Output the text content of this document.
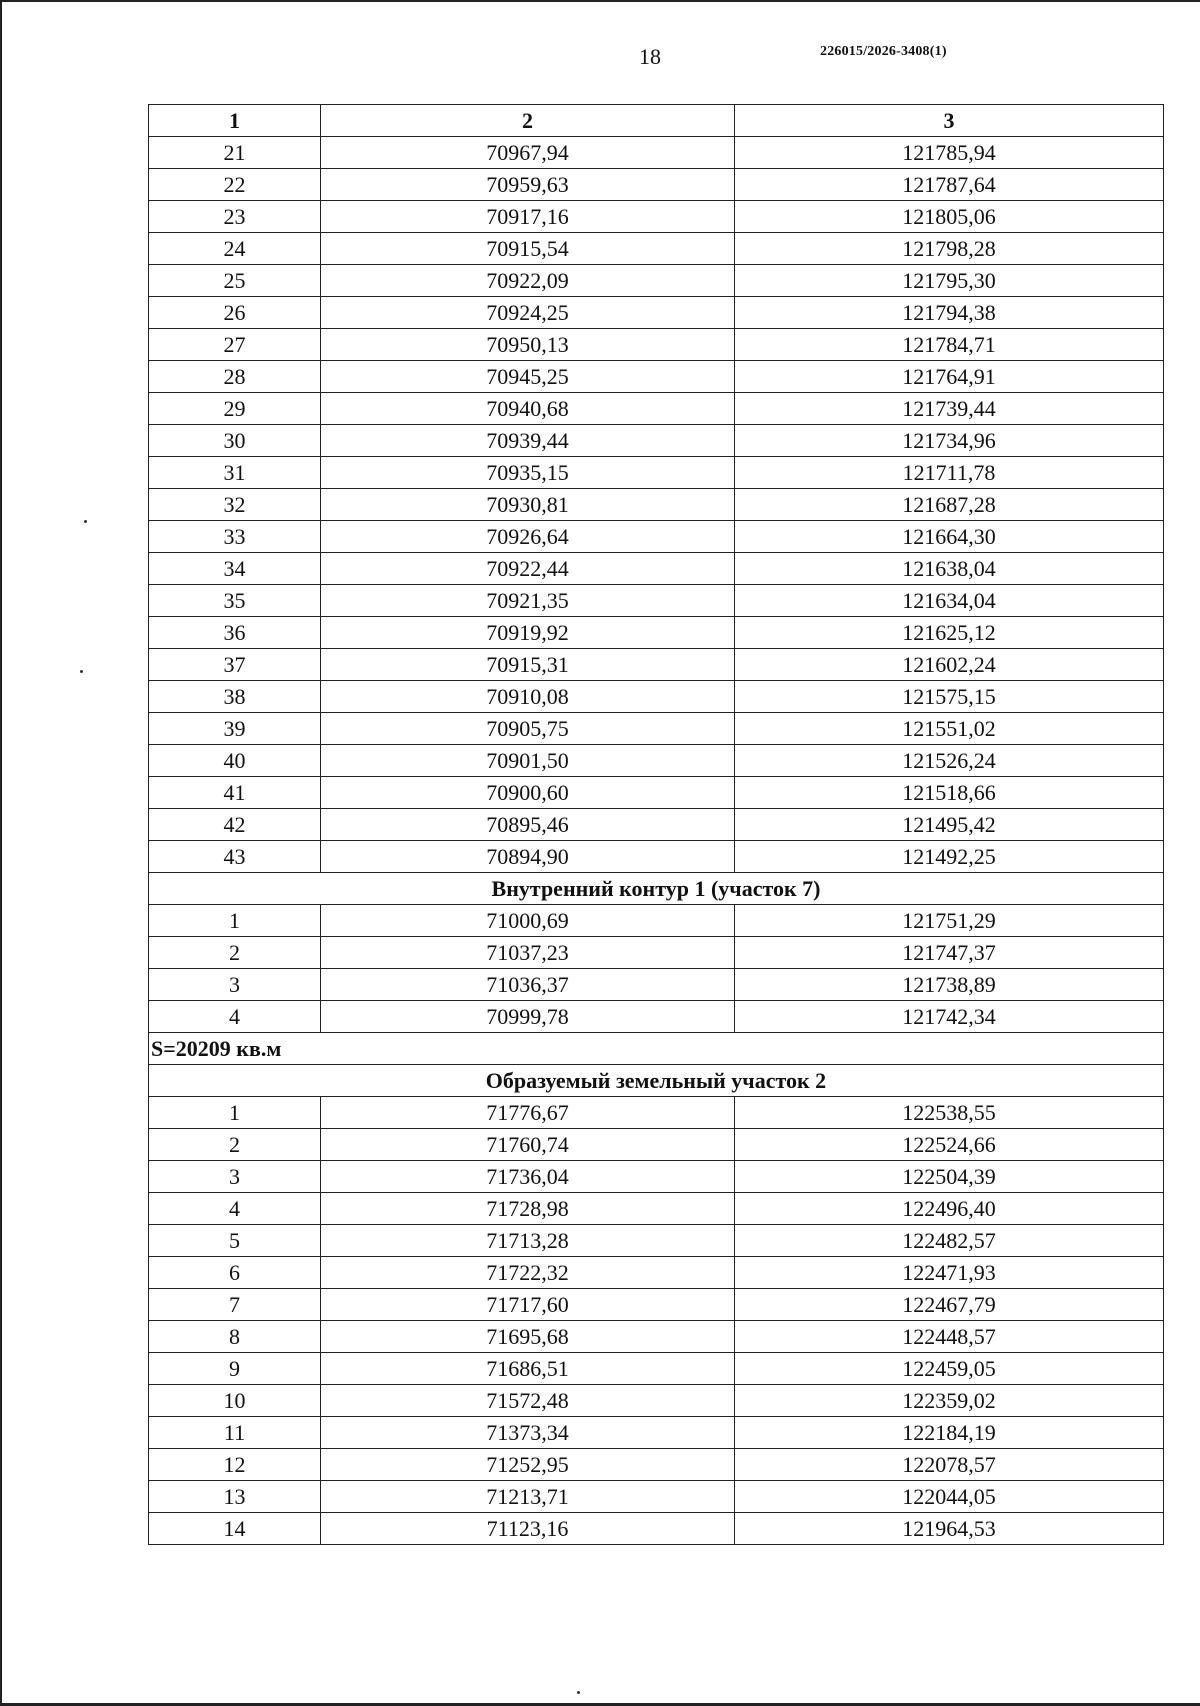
18	226015/2026-3408(1)
1	2	3
21	70967,94	121785,94
22	70959,63	121787,64
23	70917,16	121805,06
24	70915,54	121798,28
25	70922,09	121795,30
26	70924,25	121794,38
27	70950,13	121784,71
28	70945,25	121764,91
29	70940,68	121739,44
30	70939,44	121734,96
31	70935,15	121711,78
32	70930,81	121687,28
33	70926,64	121664,30
34	70922,44	121638,04
35	70921,35	121634,04
36	70919,92	121625,12
37	70915,31	121602,24
38	70910,08	121575,15
39	70905,75	121551,02
40	70901,50	121526,24
41	70900,60	121518,66
42	70895,46	121495,42
43	70894,90	121492,25
Внутренний контур 1 (участок 7)		
1	71000,69	121751,29
2	71037,23	121747,37
3	71036,37	121738,89
4	70999,78	121742,34
S=20209 кв.м		
Образуемый земельный участок 2		
1	71776,67	122538,55
2	71760,74	122524,66
3	71736,04	122504,39
4	71728,98	122496,40
5	71713,28	122482,57
6	71722,32	122471,93
7	71717,60	122467,79
8	71695,68	122448,57
9	71686,51	122459,05
10	71572,48	122359,02
11	71373,34	122184,19
12	71252,95	122078,57
13	71213,71	122044,05
14	71123,16	121964,53
